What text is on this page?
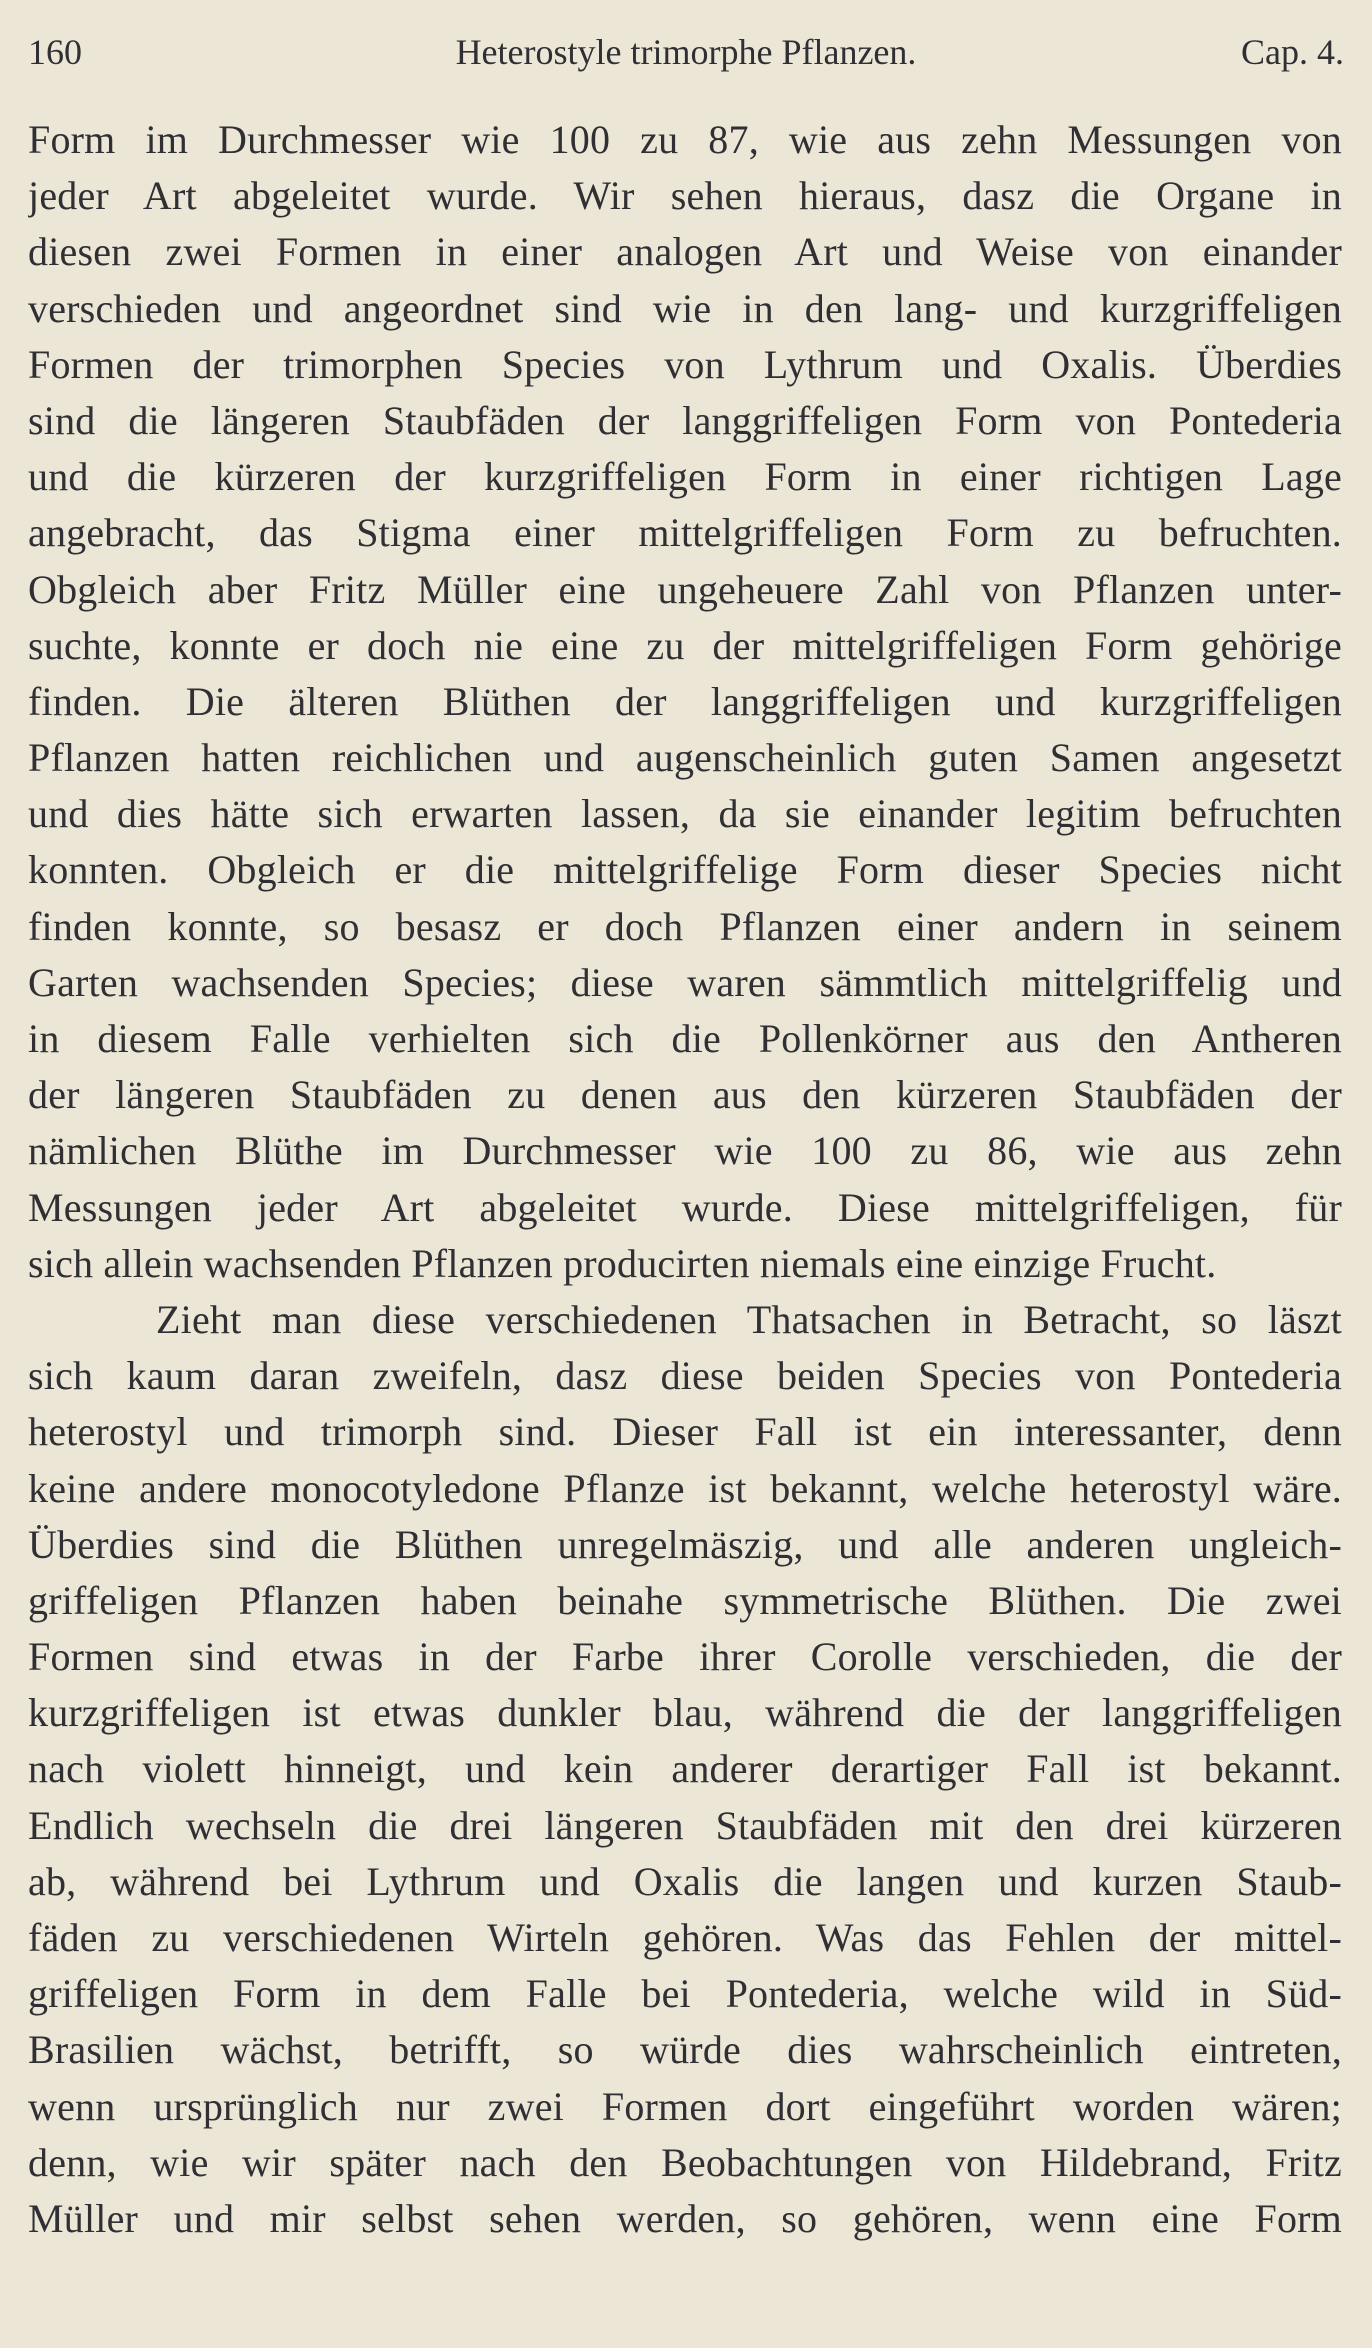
160	Heterostyle trimorphe Pflanzen.	Cap. 4.
Form im Durchmesser wie 100 zu 87, wie aus zehn Messungen von
jeder Art abgeleitet wurde. Wir sehen hieraus, dasz die Organe in
diesen zwei Formen in einer analogen Art und Weise von einander
verschieden und angeordnet sind wie in den lang- und kurzgriffeligen
Formen der trimorphen Species von Lythrum und Oxalis. Überdies
sind die längeren Staubfäden der langgriffeligen Form von Pontederia
und die kürzeren der kurzgriffeligen Form in einer richtigen Lage
angebracht, das Stigma einer mittelgriffeligen Form zu befruchten.
Obgleich aber Fritz Müller eine ungeheuere Zahl von Pflanzen unter-
suchte, konnte er doch nie eine zu der mittelgriffeligen Form gehörige
finden. Die älteren Blüthen der langgriffeligen und kurzgriffeligen
Pflanzen hatten reichlichen und augenscheinlich guten Samen angesetzt
und dies hätte sich erwarten lassen, da sie einander legitim befruchten
konnten. Obgleich er die mittelgriffelige Form dieser Species nicht
finden konnte, so besasz er doch Pflanzen einer andern in seinem
Garten wachsenden Species; diese waren sämmtlich mittelgriffelig und
in diesem Falle verhielten sich die Pollenkörner aus den Antheren
der längeren Staubfäden zu denen aus den kürzeren Staubfäden der
nämlichen Blüthe im Durchmesser wie 100 zu 86, wie aus zehn
Messungen jeder Art abgeleitet wurde. Diese mittelgriffeligen, für
sich allein wachsenden Pflanzen producirten niemals eine einzige Frucht.
Zieht man diese verschiedenen Thatsachen in Betracht, so läszt
sich kaum daran zweifeln, dasz diese beiden Species von Pontederia
heterostyl und trimorph sind. Dieser Fall ist ein interessanter, denn
keine andere monocotyledone Pflanze ist bekannt, welche heterostyl wäre.
Überdies sind die Blüthen unregelmäszig, und alle anderen ungleich-
griffeligen Pflanzen haben beinahe symmetrische Blüthen. Die zwei
Formen sind etwas in der Farbe ihrer Corolle verschieden, die der
kurzgriffeligen ist etwas dunkler blau, während die der langgriffeligen
nach violett hinneigt, und kein anderer derartiger Fall ist bekannt.
Endlich wechseln die drei längeren Staubfäden mit den drei kürzeren
ab, während bei Lythrum und Oxalis die langen und kurzen Staub-
fäden zu verschiedenen Wirteln gehören. Was das Fehlen der mittel-
griffeligen Form in dem Falle bei Pontederia, welche wild in Süd-
Brasilien wächst, betrifft, so würde dies wahrscheinlich eintreten,
wenn ursprünglich nur zwei Formen dort eingeführt worden wären;
denn, wie wir später nach den Beobachtungen von Hildebrand, Fritz
Müller und mir selbst sehen werden, so gehören, wenn eine Form
